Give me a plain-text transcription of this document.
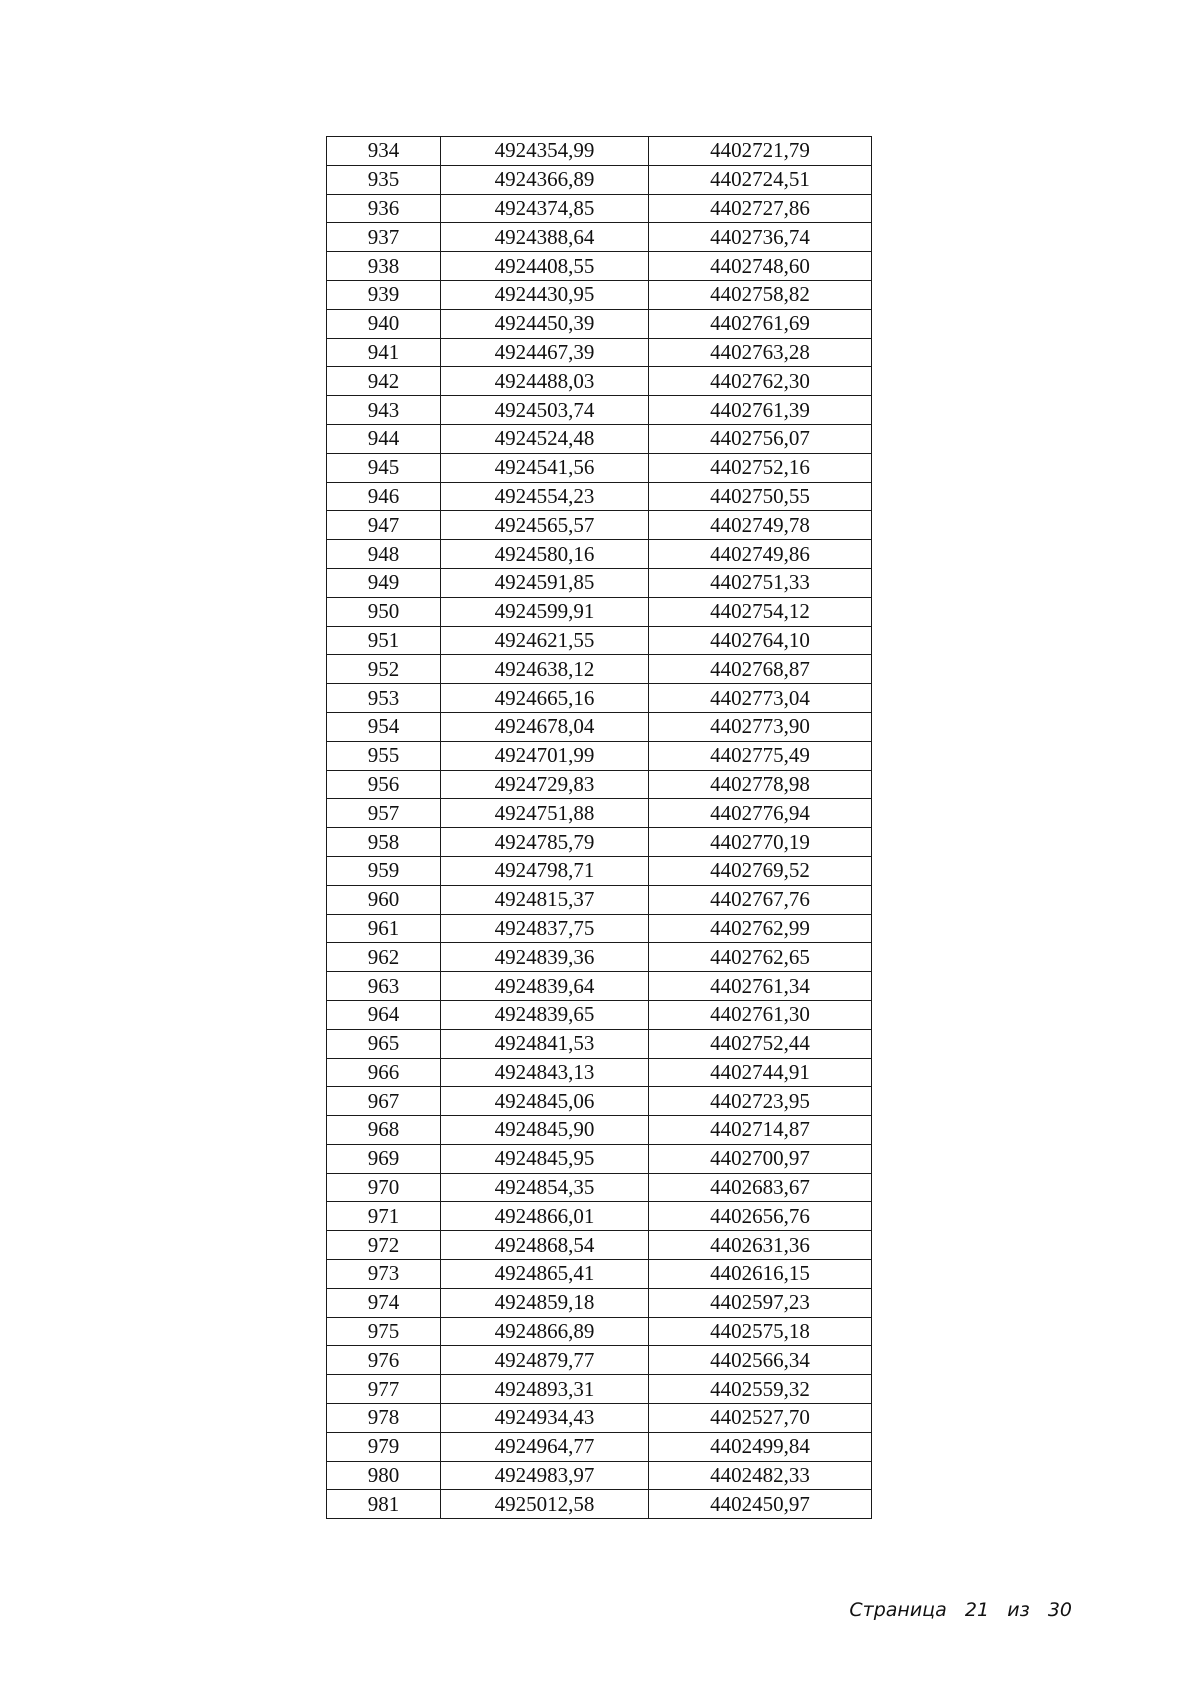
934	4924354,99	4402721,79
935	4924366,89	4402724,51
936	4924374,85	4402727,86
937	4924388,64	4402736,74
938	4924408,55	4402748,60
939	4924430,95	4402758,82
940	4924450,39	4402761,69
941	4924467,39	4402763,28
942	4924488,03	4402762,30
943	4924503,74	4402761,39
944	4924524,48	4402756,07
945	4924541,56	4402752,16
946	4924554,23	4402750,55
947	4924565,57	4402749,78
948	4924580,16	4402749,86
949	4924591,85	4402751,33
950	4924599,91	4402754,12
951	4924621,55	4402764,10
952	4924638,12	4402768,87
953	4924665,16	4402773,04
954	4924678,04	4402773,90
955	4924701,99	4402775,49
956	4924729,83	4402778,98
957	4924751,88	4402776,94
958	4924785,79	4402770,19
959	4924798,71	4402769,52
960	4924815,37	4402767,76
961	4924837,75	4402762,99
962	4924839,36	4402762,65
963	4924839,64	4402761,34
964	4924839,65	4402761,30
965	4924841,53	4402752,44
966	4924843,13	4402744,91
967	4924845,06	4402723,95
968	4924845,90	4402714,87
969	4924845,95	4402700,97
970	4924854,35	4402683,67
971	4924866,01	4402656,76
972	4924868,54	4402631,36
973	4924865,41	4402616,15
974	4924859,18	4402597,23
975	4924866,89	4402575,18
976	4924879,77	4402566,34
977	4924893,31	4402559,32
978	4924934,43	4402527,70
979	4924964,77	4402499,84
980	4924983,97	4402482,33
981	4925012,58	4402450,97
Страница 21 из 30
